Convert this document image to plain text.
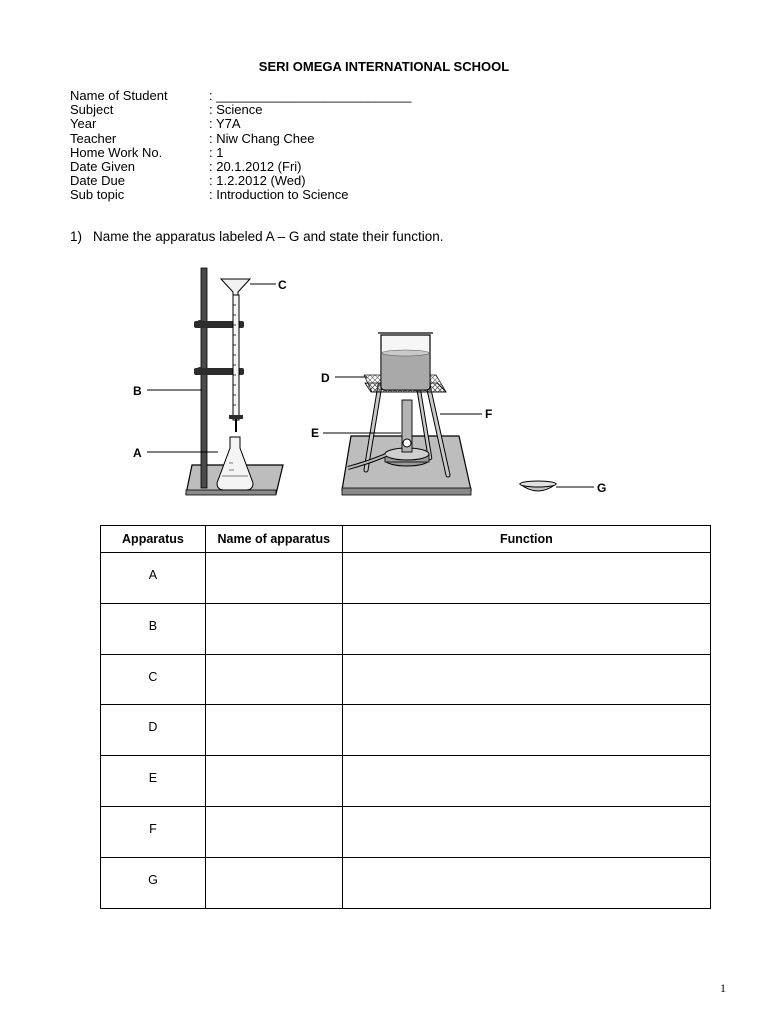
SERI OMEGA INTERNATIONAL SCHOOL
Name of Student	: ___________________________
Subject	: Science
Year	: Y7A
Teacher	: Niw Chang Chee
Home Work No.	: 1
Date Given	: 20.1.2012 (Fri)
Date Due	: 1.2.2012 (Wed)
Sub topic	: Introduction to Science
1) Name the apparatus labeled A – G and state their function.
C
B
A
D
E
F
G
Apparatus	Name of apparatus	Function
A		
B		
C		
D		
E		
F		
G		
1
